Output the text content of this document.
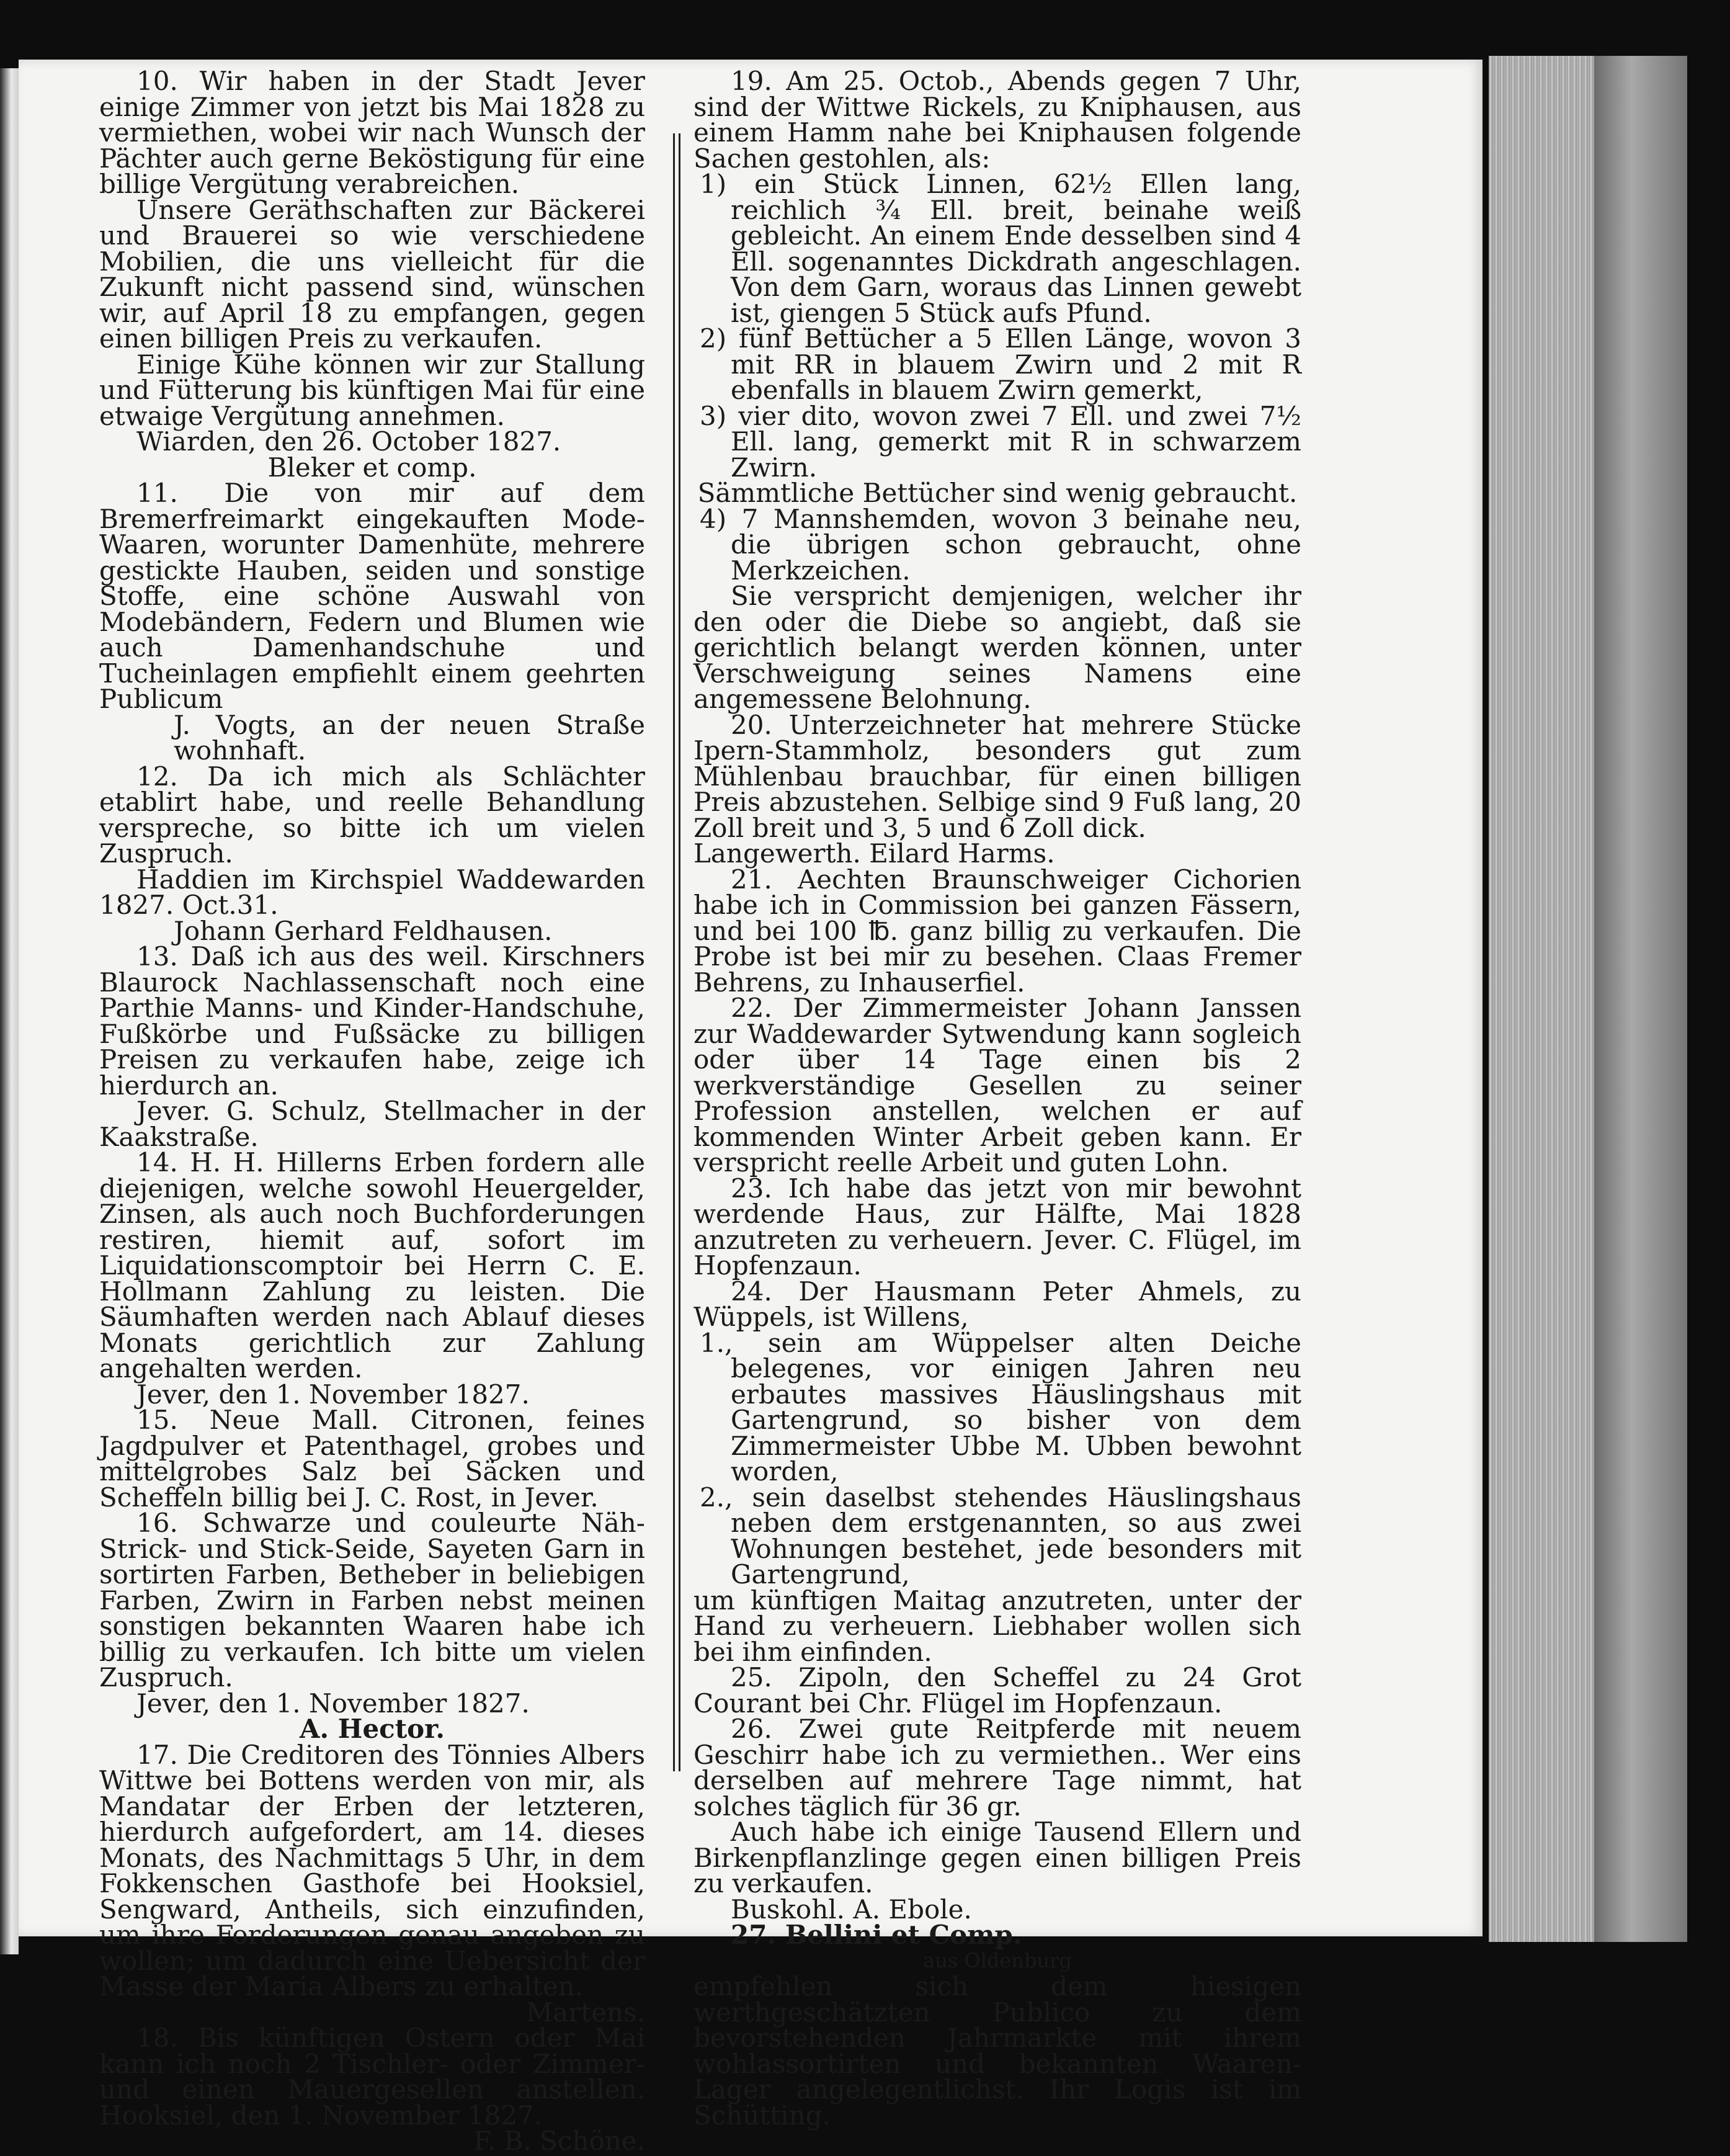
10. Wir haben in der Stadt Jever einige Zimmer von jetzt bis Mai 1828 zu vermiethen, wobei wir nach Wunsch der Pächter auch gerne Beköstigung für eine billige Vergütung verabreichen.

Unsere Geräthschaften zur Bäckerei und Brauerei so wie verschiedene Mobilien, die uns vielleicht für die Zukunft nicht passend sind, wünschen wir, auf April 18 zu empfangen, gegen einen billigen Preis zu verkaufen.

Einige Kühe können wir zur Stallung und Fütterung bis künftigen Mai für eine etwaige Vergütung annehmen.

Wiarden, den 26. October 1827.

Bleker et comp.

11. Die von mir auf dem Bremerfreimarkt eingekauften Mode-Waaren, worunter Damenhüte, mehrere gestickte Hauben, seiden und sonstige Stoffe, eine schöne Auswahl von Modebändern, Federn und Blumen wie auch Damenhandschuhe und Tucheinlagen empfiehlt einem geehrten Publicum

J. Vogts, an der neuen Straße wohnhaft.

12. Da ich mich als Schlächter etablirt habe, und reelle Behandlung verspreche, so bitte ich um vielen Zuspruch.

Haddien im Kirchspiel Waddewarden 1827. Oct.31.

Johann Gerhard Feldhausen.

13. Daß ich aus des weil. Kirschners Blaurock Nachlassenschaft noch eine Parthie Manns- und Kinder-Handschuhe, Fußkörbe und Fußsäcke zu billigen Preisen zu verkaufen habe, zeige ich hierdurch an.

Jever. G. Schulz, Stellmacher in der Kaakstraße.

14. H. H. Hillerns Erben fordern alle diejenigen, welche sowohl Heuergelder, Zinsen, als auch noch Buchforderungen restiren, hiemit auf, sofort im Liquidationscomptoir bei Herrn C. E. Hollmann Zahlung zu leisten. Die Säumhaften werden nach Ablauf dieses Monats gerichtlich zur Zahlung angehalten werden.

Jever, den 1. November 1827.

15. Neue Mall. Citronen, feines Jagdpulver et Patenthagel, grobes und mittelgrobes Salz bei Säcken und Scheffeln billig bei J. C. Rost, in Jever.

16. Schwarze und couleurte Näh- Strick- und Stick-Seide, Sayeten Garn in sortirten Farben, Betheber in beliebigen Farben, Zwirn in Farben nebst meinen sonstigen bekannten Waaren habe ich billig zu verkaufen. Ich bitte um vielen Zuspruch.

Jever, den 1. November 1827.

A. Hector.

17. Die Creditoren des Tönnies Albers Wittwe bei Bottens werden von mir, als Mandatar der Erben der letzteren, hierdurch aufgefordert, am 14. dieses Monats, des Nachmittags 5 Uhr, in dem Fokkenschen Gasthofe bei Hooksiel, Sengward, Antheils, sich einzufinden, um ihre Forderungen genau angeben zu wollen; um dadurch eine Uebersicht der Masse der Maria Albers zu erhalten.

Martens.

18. Bis künftigen Ostern oder Mai kann ich noch 2 Tischler- oder Zimmer- und einen Mauergesellen anstellen. Hooksiel, den 1. November 1827.

F. B. Schöne.

19. Am 25. Octob., Abends gegen 7 Uhr, sind der Wittwe Rickels, zu Kniphausen, aus einem Hamm nahe bei Kniphausen folgende Sachen gestohlen, als:

1) ein Stück Linnen, 62½ Ellen lang, reichlich ¾ Ell. breit, beinahe weiß gebleicht. An einem Ende desselben sind 4 Ell. sogenanntes Dickdrath angeschlagen. Von dem Garn, woraus das Linnen gewebt ist, giengen 5 Stück aufs Pfund.

2) fünf Bettücher a 5 Ellen Länge, wovon 3 mit RR in blauem Zwirn und 2 mit R ebenfalls in blauem Zwirn gemerkt,

3) vier dito, wovon zwei 7 Ell. und zwei 7½ Ell. lang, gemerkt mit R in schwarzem Zwirn.

Sämmtliche Bettücher sind wenig gebraucht.

4) 7 Mannshemden, wovon 3 beinahe neu, die übrigen schon gebraucht, ohne Merkzeichen.

Sie verspricht demjenigen, welcher ihr den oder die Diebe so angiebt, daß sie gerichtlich belangt werden können, unter Verschweigung seines Namens eine angemessene Belohnung.

20. Unterzeichneter hat mehrere Stücke Ipern-Stammholz, besonders gut zum Mühlenbau brauchbar, für einen billigen Preis abzustehen. Selbige sind 9 Fuß lang, 20 Zoll breit und 3, 5 und 6 Zoll dick.

Langewerth. Eilard Harms.

21. Aechten Braunschweiger Cichorien habe ich in Commission bei ganzen Fässern, und bei 100 ℔. ganz billig zu verkaufen. Die Probe ist bei mir zu besehen. Claas Fremer Behrens, zu Inhauserfiel.

22. Der Zimmermeister Johann Janssen zur Waddewarder Sytwendung kann sogleich oder über 14 Tage einen bis 2 werkverständige Gesellen zu seiner Profession anstellen, welchen er auf kommenden Winter Arbeit geben kann. Er verspricht reelle Arbeit und guten Lohn.

23. Ich habe das jetzt von mir bewohnt werdende Haus, zur Hälfte, Mai 1828 anzutreten zu verheuern. Jever. C. Flügel, im Hopfenzaun.

24. Der Hausmann Peter Ahmels, zu Wüppels, ist Willens,

1., sein am Wüppelser alten Deiche belegenes, vor einigen Jahren neu erbautes massives Häuslingshaus mit Gartengrund, so bisher von dem Zimmermeister Ubbe M. Ubben bewohnt worden,

2., sein daselbst stehendes Häuslingshaus neben dem erstgenannten, so aus zwei Wohnungen bestehet, jede besonders mit Gartengrund,

um künftigen Maitag anzutreten, unter der Hand zu verheuern. Liebhaber wollen sich bei ihm einfinden.

25. Zipoln, den Scheffel zu 24 Grot Courant bei Chr. Flügel im Hopfenzaun.

26. Zwei gute Reitpferde mit neuem Geschirr habe ich zu vermiethen.. Wer eins derselben auf mehrere Tage nimmt, hat solches täglich für 36 gr.

Auch habe ich einige Tausend Ellern und Birkenpflanzlinge gegen einen billigen Preis zu verkaufen.

Buskohl. A. Ebole.

27. Bellini et Comp.

aus Oldenburg

empfehlen sich dem hiesigen werthgeschätzten Publico zu dem bevorstehenden Jahrmarkte mit ihrem wohlassortirten und bekannten Waaren-Lager angelegentlichst. Ihr Logis ist im Schütting.
